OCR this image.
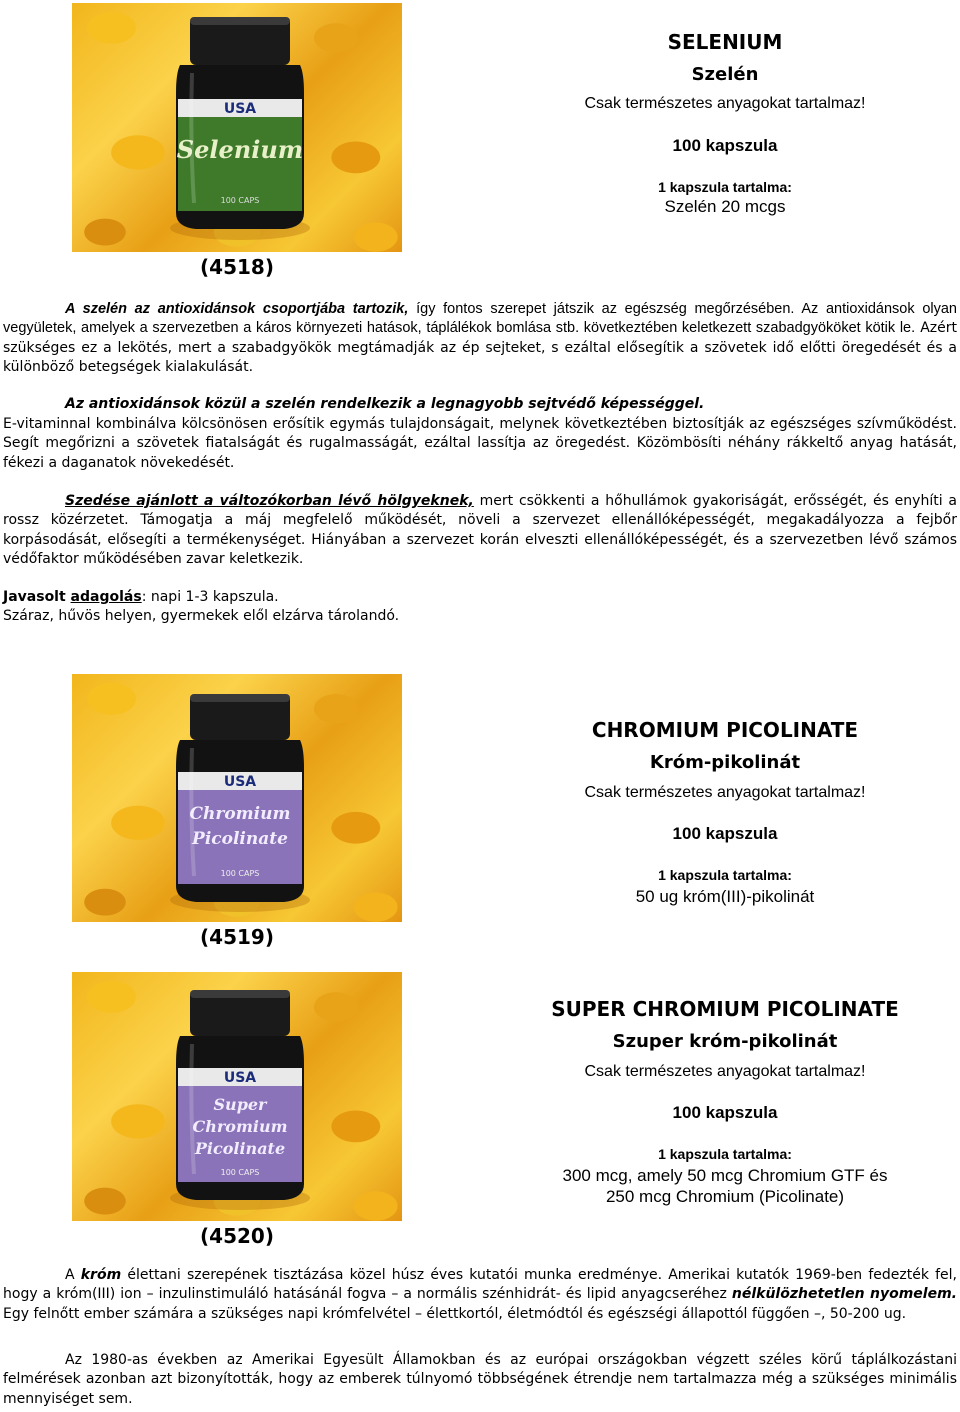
USA
Selenium
100 CAPS
SELENIUM
Szelén
Csak természetes anyagokat tartalmaz!
100 kapszula
1 kapszula tartalma:
Szelén 20 mcgs
(4518)
A szelén az antioxidánsok csoportjába tartozik, így fontos szerepet játszik az egészség megőrzésében. Az antioxidánsok olyan vegyületek, amelyek a szervezetben a káros környezeti hatások, táplálékok bomlása stb. következtében keletkezett szabadgyököket kötik le. Azért szükséges ez a lekötés, mert a szabadgyökök megtámadják az ép sejteket, s ezáltal elősegítik a szövetek idő előtti öregedését és a különböző betegségek kialakulását.
Az antioxidánsok közül a szelén rendelkezik a legnagyobb sejtvédő képességgel.
E-vitaminnal kombinálva kölcsönösen erősítik egymás tulajdonságait, melynek következtében biztosítják az egészséges szívműködést. Segít megőrizni a szövetek fiatalságát és rugalmasságát, ezáltal lassítja az öregedést. Közömbösíti néhány rákkeltő anyag hatását, fékezi a daganatok növekedését.
Szedése ajánlott a változókorban lévő hölgyeknek, mert csökkenti a hőhullámok gyakoriságát, erősségét, és enyhíti a rossz közérzetet. Támogatja a máj megfelelő működését, növeli a szervezet ellenállóképességét, megakadályozza a fejbőr korpásodását, elősegíti a termékenységet. Hiányában a szervezet korán elveszti ellenállóképességét, és a szervezetben lévő számos védőfaktor működésében zavar keletkezik.
Javasolt adagolás: napi 1-3 kapszula.
Száraz, hűvös helyen, gyermekek elől elzárva tárolandó.
USA
Chromium
Picolinate
100 CAPS
CHROMIUM PICOLINATE
Króm-pikolinát
Csak természetes anyagokat tartalmaz!
100 kapszula
1 kapszula tartalma:
50 ug króm(III)-pikolinát
(4519)
USA
Super
Chromium
Picolinate
100 CAPS
SUPER CHROMIUM PICOLINATE
Szuper króm-pikolinát
Csak természetes anyagokat tartalmaz!
100 kapszula
1 kapszula tartalma:
300 mcg, amely 50 mcg Chromium GTF és
250 mcg Chromium (Picolinate)
(4520)
A króm élettani szerepének tisztázása közel húsz éves kutatói munka eredménye. Amerikai kutatók 1969-ben fedezték fel, hogy a króm(III) ion – inzulinstimuláló hatásánál fogva – a normális szénhidrát- és lipid anyagcseréhez nélkülözhetetlen nyomelem. Egy felnőtt ember számára a szükséges napi krómfelvétel – élettkortól, életmódtól és egészségi állapottól függően –, 50-200 ug.
Az 1980-as években az Amerikai Egyesült Államokban és az európai országokban végzett széles körű táplálkozástani felmérések azonban azt bizonyították, hogy az emberek túlnyomó többségének étrendje nem tartalmazza még a szükséges minimális mennyiséget sem.
